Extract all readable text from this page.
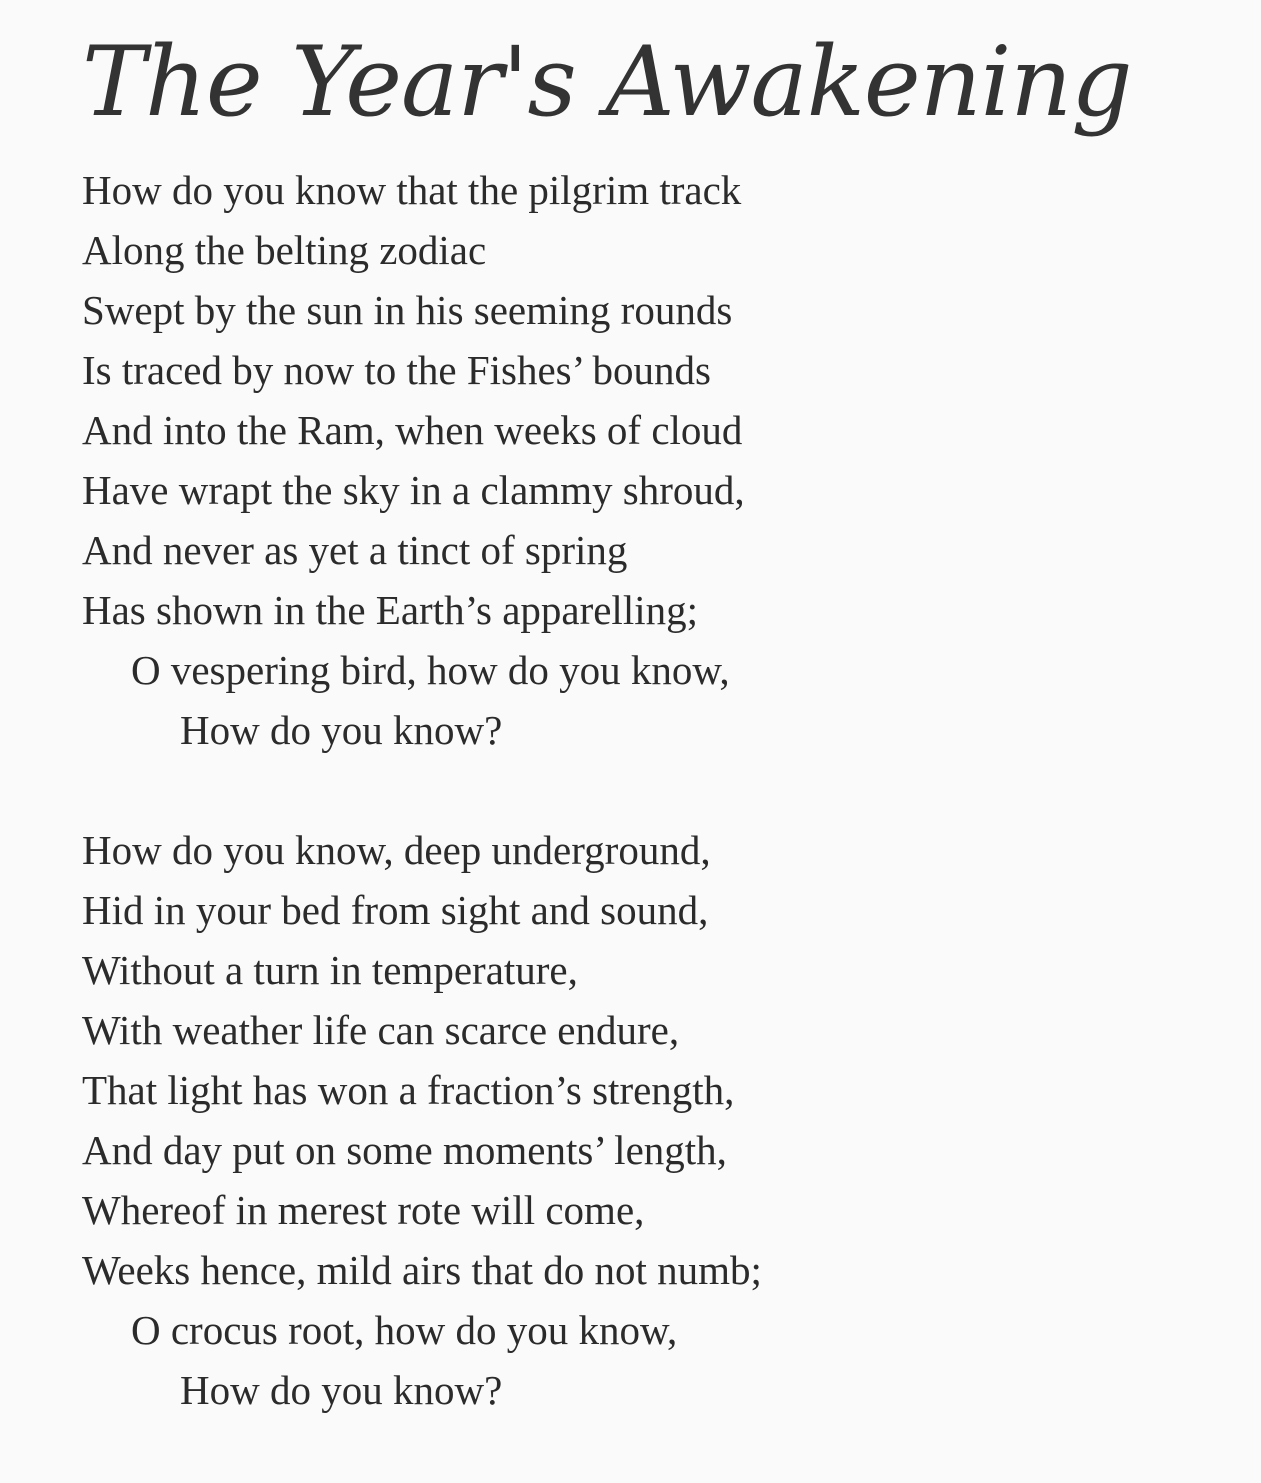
The Year's Awakening
How do you know that the pilgrim track
Along the belting zodiac
Swept by the sun in his seeming rounds
Is traced by now to the Fishes’ bounds
And into the Ram, when weeks of cloud
Have wrapt the sky in a clammy shroud,
And never as yet a tinct of spring
Has shown in the Earth’s apparelling;
O vespering bird, how do you know,
How do you know?
How do you know, deep underground,
Hid in your bed from sight and sound,
Without a turn in temperature,
With weather life can scarce endure,
That light has won a fraction’s strength,
And day put on some moments’ length,
Whereof in merest rote will come,
Weeks hence, mild airs that do not numb;
O crocus root, how do you know,
How do you know?
